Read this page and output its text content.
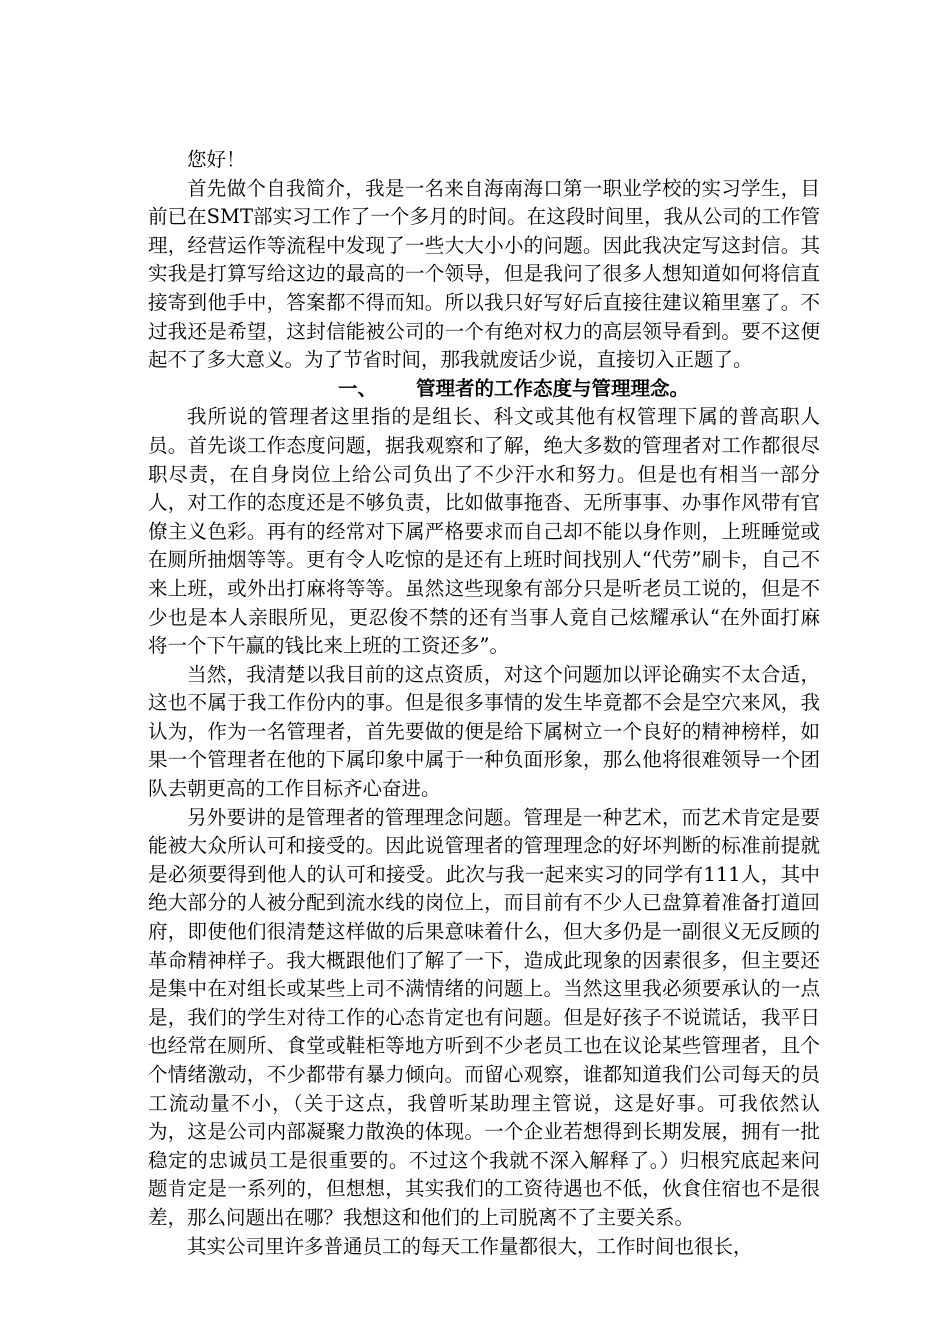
您好！

首先做个自我简介，我是一名来自海南海口第一职业学校的实习学生，目前已在SMT部实习工作了一个多月的时间。在这段时间里，我从公司的工作管理，经营运作等流程中发现了一些大大小小的问题。因此我决定写这封信。其实我是打算写给这边的最高的一个领导，但是我问了很多人想知道如何将信直接寄到他手中，答案都不得而知。所以我只好写好后直接往建议箱里塞了。不过我还是希望，这封信能被公司的一个有绝对权力的高层领导看到。要不这便起不了多大意义。为了节省时间，那我就废话少说，直接切入正题了。

一、 管理者的工作态度与管理理念。

我所说的管理者这里指的是组长、科文或其他有权管理下属的普高职人员。首先谈工作态度问题，据我观察和了解，绝大多数的管理者对工作都很尽职尽责，在自身岗位上给公司负出了不少汗水和努力。但是也有相当一部分人，对工作的态度还是不够负责，比如做事拖沓、无所事事、办事作风带有官僚主义色彩。再有的经常对下属严格要求而自己却不能以身作则，上班睡觉或在厕所抽烟等等。更有令人吃惊的是还有上班时间找别人“代劳”刷卡，自己不来上班，或外出打麻将等等。虽然这些现象有部分只是听老员工说的，但是不少也是本人亲眼所见，更忍俊不禁的还有当事人竟自己炫耀承认“在外面打麻将一个下午赢的钱比来上班的工资还多”。

当然，我清楚以我目前的这点资质，对这个问题加以评论确实不太合适，这也不属于我工作份内的事。但是很多事情的发生毕竟都不会是空穴来风，我认为，作为一名管理者，首先要做的便是给下属树立一个良好的精神榜样，如果一个管理者在他的下属印象中属于一种负面形象，那么他将很难领导一个团队去朝更高的工作目标齐心奋进。

另外要讲的是管理者的管理理念问题。管理是一种艺术，而艺术肯定是要能被大众所认可和接受的。因此说管理者的管理理念的好坏判断的标准前提就是必须要得到他人的认可和接受。此次与我一起来实习的同学有111人，其中绝大部分的人被分配到流水线的岗位上，而目前有不少人已盘算着准备打道回府，即使他们很清楚这样做的后果意味着什么，但大多仍是一副很义无反顾的革命精神样子。我大概跟他们了解了一下，造成此现象的因素很多，但主要还是集中在对组长或某些上司不满情绪的问题上。当然这里我必须要承认的一点是，我们的学生对待工作的心态肯定也有问题。但是好孩子不说谎话，我平日也经常在厕所、食堂或鞋柜等地方听到不少老员工也在议论某些管理者，且个个情绪激动，不少都带有暴力倾向。而留心观察，谁都知道我们公司每天的员工流动量不小，（关于这点，我曾听某助理主管说，这是好事。可我依然认为，这是公司内部凝聚力散涣的体现。一个企业若想得到长期发展，拥有一批稳定的忠诚员工是很重要的。不过这个我就不深入解释了。）归根究底起来问题肯定是一系列的，但想想，其实我们的工资待遇也不低，伙食住宿也不是很差，那么问题出在哪？我想这和他们的上司脱离不了主要关系。

其实公司里许多普通员工的每天工作量都很大，工作时间也很长，
